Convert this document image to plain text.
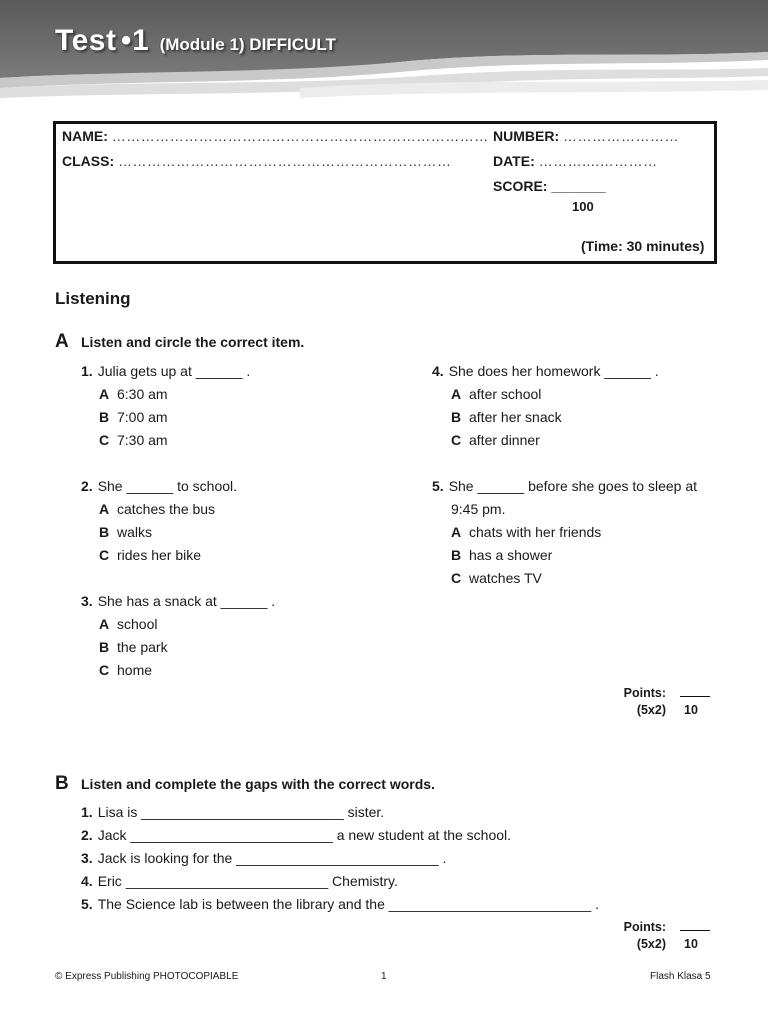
Test •1 (Module 1) DIFFICULT
NAME: …………………………………………………………………… NUMBER: ……………………
CLASS: ……………………………………………………………	DATE: ………....…………
SCORE: _______
100
(Time: 30 minutes)
Listening
A Listen and circle the correct item.
1. Julia gets up at ______ .
A 6:30 am
B 7:00 am
C 7:30 am
2. She ______ to school.
A catches the bus
B walks
C rides her bike
3. She has a snack at ______ .
A school
B the park
C home
4. She does her homework ______ .
A after school
B after her snack
C after dinner
5. She ______ before she goes to sleep at
9:45 pm.
A chats with her friends
B has a shower
C watches TV
Points:
(5x2) 10
B Listen and complete the gaps with the correct words.
1. Lisa is __________________________ sister.
2. Jack __________________________ a new student at the school.
3. Jack is looking for the __________________________ .
4. Eric __________________________ Chemistry.
5. The Science lab is between the library and the __________________________ .
Points:
(5x2) 10
© Express Publishing PHOTOCOPIABLE	1	Flash Klasa 5
